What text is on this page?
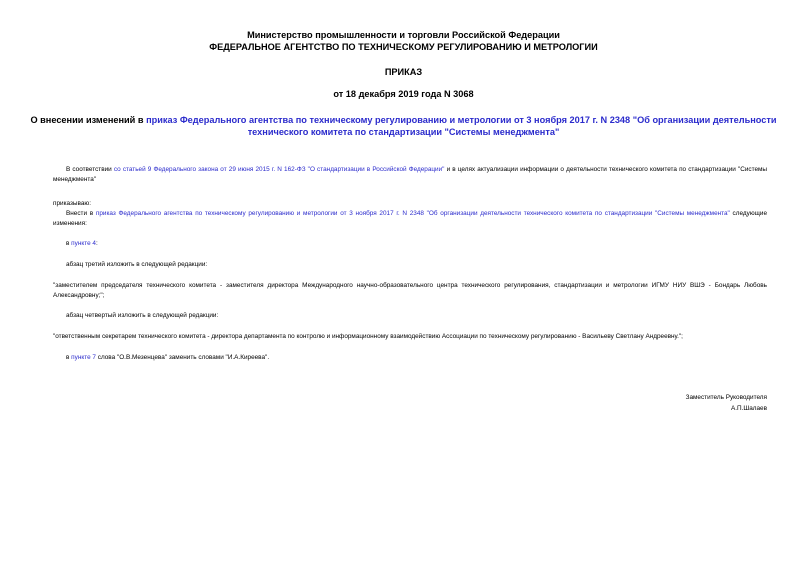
Министерство промышленности и торговли Российской Федерации
ФЕДЕРАЛЬНОЕ АГЕНТСТВО ПО ТЕХНИЧЕСКОМУ РЕГУЛИРОВАНИЮ И МЕТРОЛОГИИ
ПРИКАЗ
от 18 декабря 2019 года N 3068
О внесении изменений в приказ Федерального агентства по техническому регулированию и метрологии от 3 ноября 2017 г. N 2348 "Об организации деятельности технического комитета по стандартизации "Системы менеджмента"
В соответствии со статьей 9 Федерального закона от 29 июня 2015 г. N 162-ФЗ "О стандартизации в Российской Федерации" и в целях актуализации информации о деятельности технического комитета по стандартизации "Системы менеджмента"
приказываю:
Внести в приказ Федерального агентства по техническому регулированию и метрологии от 3 ноября 2017 г. N 2348 "Об организации деятельности технического комитета по стандартизации "Системы менеджмента" следующие изменения:
в пункте 4:
абзац третий изложить в следующей редакции:
"заместителем председателя технического комитета - заместителя директора Международного научно-образовательного центра технического регулирования, стандартизации и метрологии ИГМУ НИУ ВШЭ - Бондарь Любовь Александровну;";
абзац четвертый изложить в следующей редакции:
"ответственным секретарем технического комитета - директора департамента по контролю и информационному взаимодействию Ассоциации по техническому регулированию - Васильеву Светлану Андреевну.";
в пункте 7 слова "О.В.Мезенцева" заменить словами "И.А.Киреева".
Заместитель Руководителя
А.П.Шалаев
